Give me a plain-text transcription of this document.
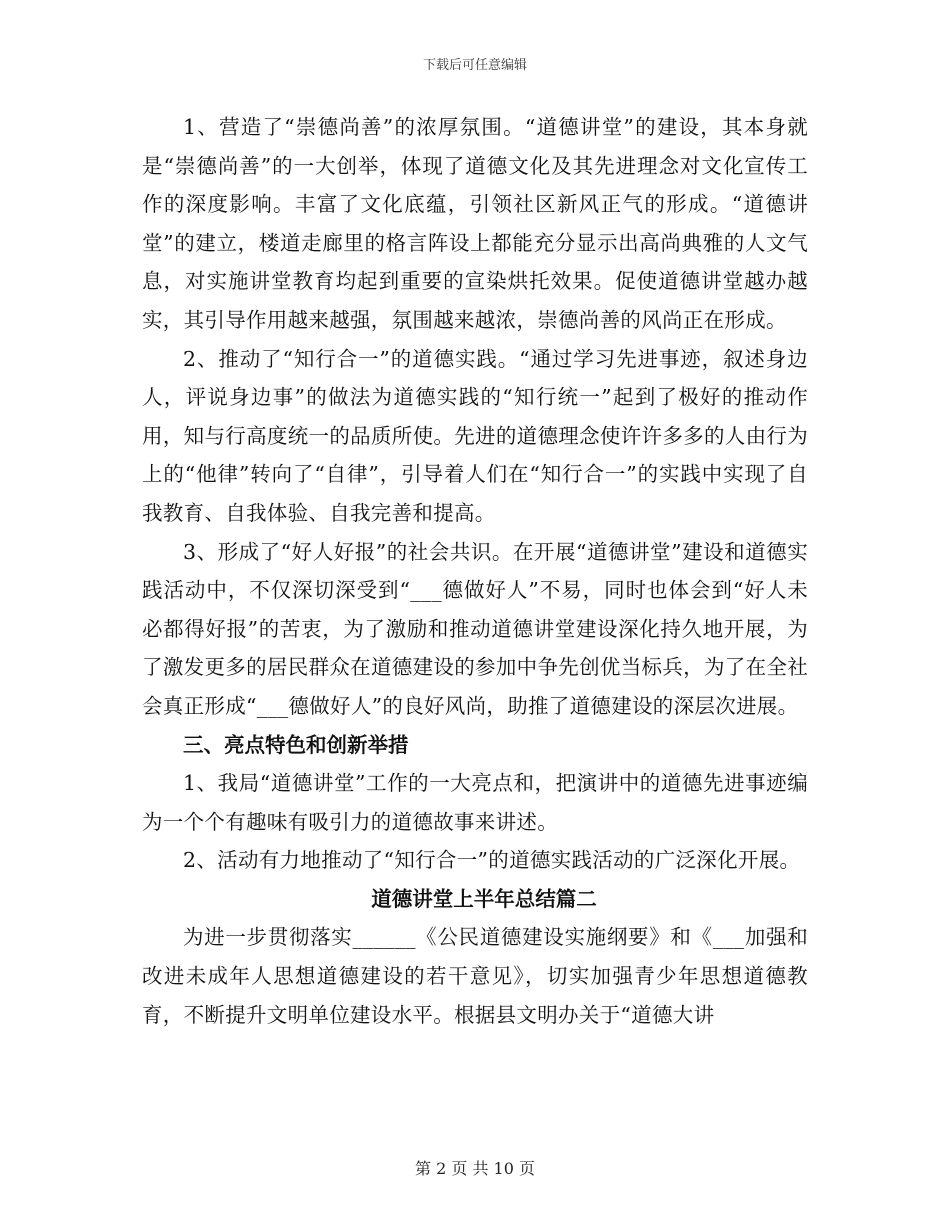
下载后可任意编辑

1、营造了“崇德尚善”的浓厚氛围。“道德讲堂”的建设，其本身就是“崇德尚善”的一大创举，体现了道德文化及其先进理念对文化宣传工作的深度影响。丰富了文化底蕴，引领社区新风正气的形成。“道德讲堂”的建立，楼道走廊里的格言阵设上都能充分显示出高尚典雅的人文气息，对实施讲堂教育均起到重要的宣染烘托效果。促使道德讲堂越办越实，其引导作用越来越强，氛围越来越浓，崇德尚善的风尚正在形成。

2、推动了“知行合一”的道德实践。“通过学习先进事迹，叙述身边人，评说身边事”的做法为道德实践的“知行统一”起到了极好的推动作用，知与行高度统一的品质所使。先进的道德理念使许许多多的人由行为上的“他律”转向了“自律”，引导着人们在“知行合一”的实践中实现了自我教育、自我体验、自我完善和提高。

3、形成了“好人好报”的社会共识。在开展“道德讲堂”建设和道德实践活动中，不仅深切深受到“___德做好人”不易，同时也体会到“好人未必都得好报”的苦衷，为了激励和推动道德讲堂建设深化持久地开展，为了激发更多的居民群众在道德建设的参加中争先创优当标兵，为了在全社会真正形成“___德做好人”的良好风尚，助推了道德建设的深层次进展。

三、亮点特色和创新举措

1、我局“道德讲堂”工作的一大亮点和，把演讲中的道德先进事迹编为一个个有趣味有吸引力的道德故事来讲述。

2、活动有力地推动了“知行合一”的道德实践活动的广泛深化开展。

道德讲堂上半年总结篇二

为进一步贯彻落实______《公民道德建设实施纲要》和《___加强和改进未成年人思想道德建设的若干意见》，切实加强青少年思想道德教育，不断提升文明单位建设水平。根据县文明办关于“道德大讲

第 2 页 共 10 页
